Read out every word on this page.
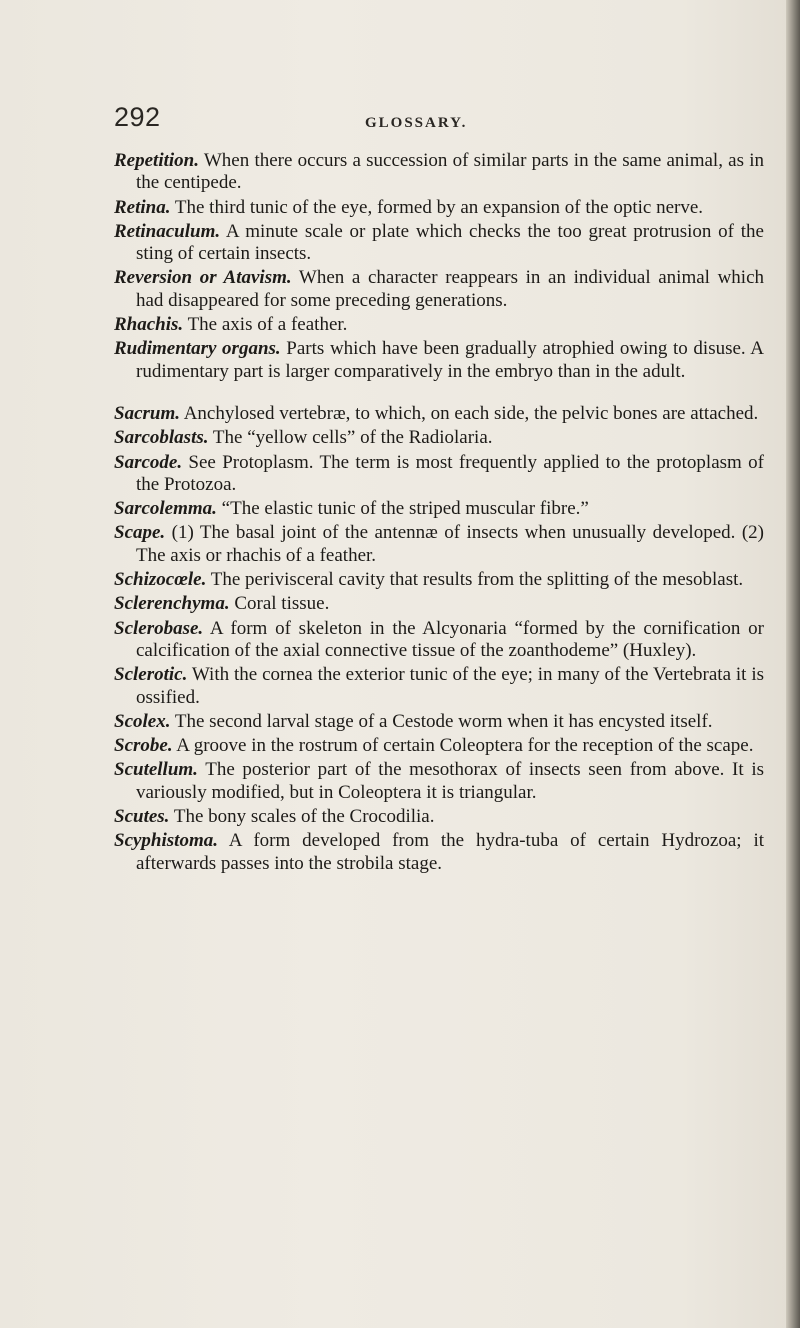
292	GLOSSARY.

Repetition. When there occurs a succession of similar parts in the same animal, as in the centipede.

Retina. The third tunic of the eye, formed by an expansion of the optic nerve.

Retinaculum. A minute scale or plate which checks the too great protrusion of the sting of certain insects.

Reversion or Atavism. When a character reappears in an individual animal which had disappeared for some preceding generations.

Rhachis. The axis of a feather.

Rudimentary organs. Parts which have been gradually atrophied owing to disuse. A rudimentary part is larger comparatively in the embryo than in the adult.

Sacrum. Anchylosed vertebræ, to which, on each side, the pelvic bones are attached.

Sarcoblasts. The “yellow cells” of the Radiolaria.

Sarcode. See Protoplasm. The term is most frequently applied to the protoplasm of the Protozoa.

Sarcolemma. “The elastic tunic of the striped muscular fibre.”

Scape. (1) The basal joint of the antennæ of insects when unusually developed. (2) The axis or rhachis of a feather.

Schizocœle. The perivisceral cavity that results from the splitting of the mesoblast.

Sclerenchyma. Coral tissue.

Sclerobase. A form of skeleton in the Alcyonaria “formed by the cornification or calcification of the axial connective tissue of the zoanthodeme” (Huxley).

Sclerotic. With the cornea the exterior tunic of the eye; in many of the Vertebrata it is ossified.

Scolex. The second larval stage of a Cestode worm when it has encysted itself.

Scrobe. A groove in the rostrum of certain Coleoptera for the reception of the scape.

Scutellum. The posterior part of the mesothorax of insects seen from above. It is variously modified, but in Coleoptera it is triangular.

Scutes. The bony scales of the Crocodilia.

Scyphistoma. A form developed from the hydra-tuba of certain Hydrozoa; it afterwards passes into the strobila stage.
